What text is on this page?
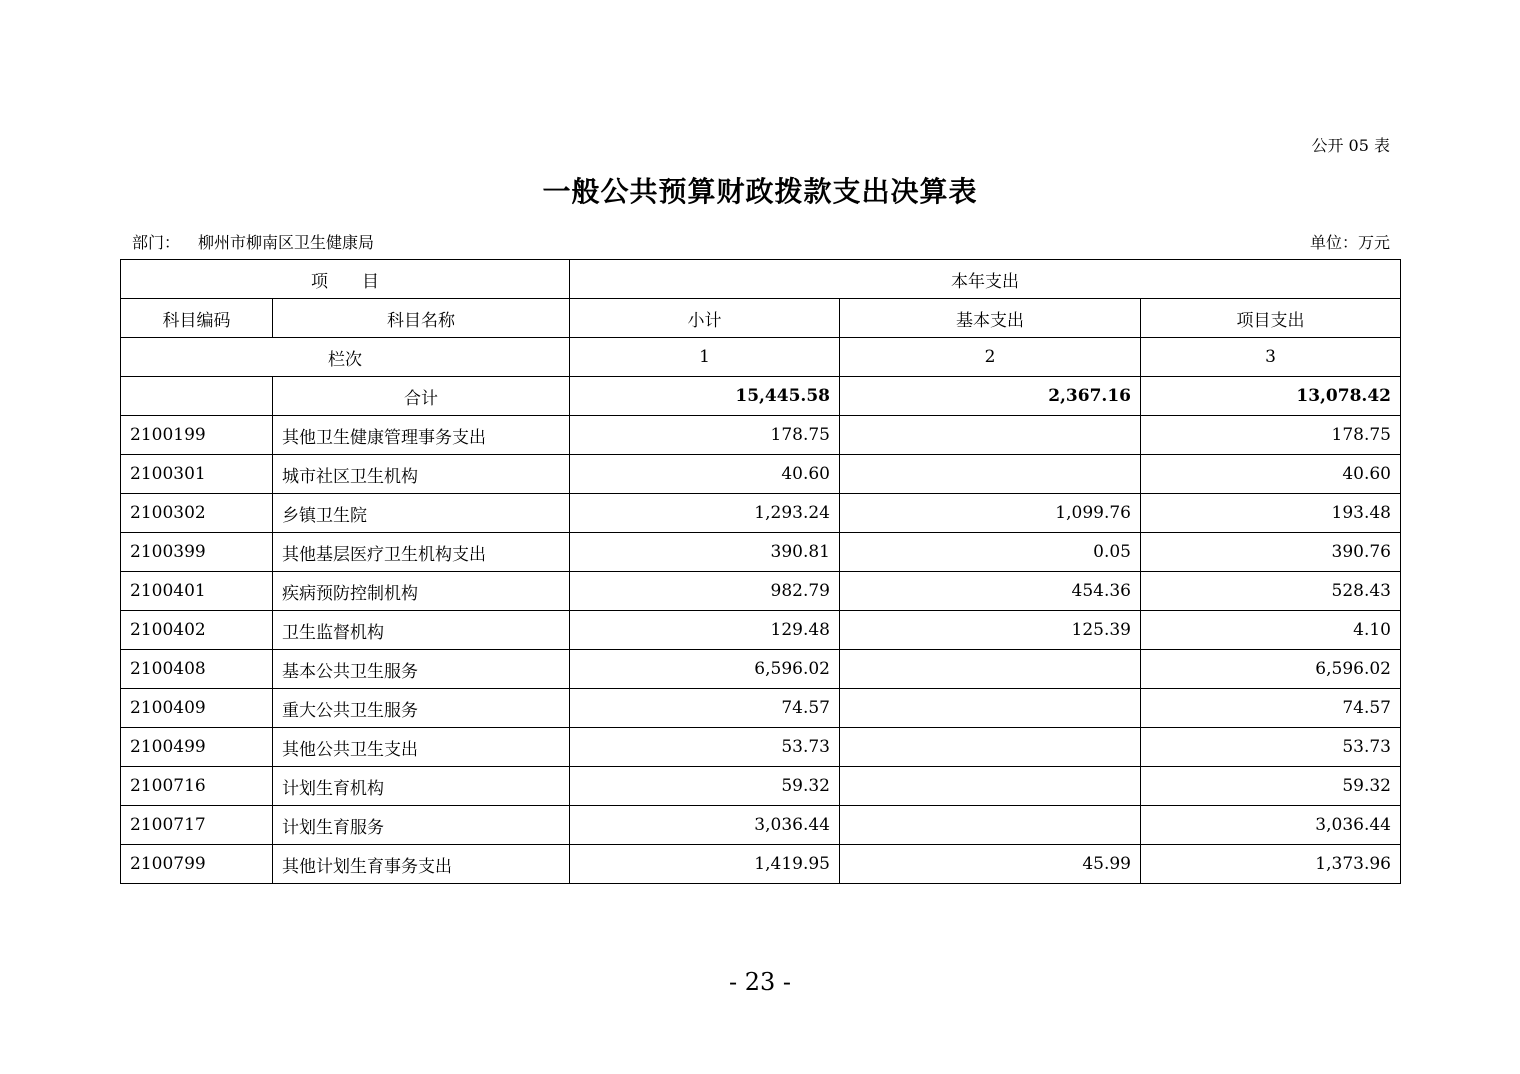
公开 05 表
一般公共预算财政拨款支出决算表
部门： 柳州市柳南区卫生健康局	单位：万元
项　　目		本年支出		
科目编码	科目名称	小计	基本支出	项目支出
栏次		1	2	3
	合计	15,445.58	2,367.16	13,078.42
2100199	其他卫生健康管理事务支出	178.75		178.75
2100301	城市社区卫生机构	40.60		40.60
2100302	乡镇卫生院	1,293.24	1,099.76	193.48
2100399	其他基层医疗卫生机构支出	390.81	0.05	390.76
2100401	疾病预防控制机构	982.79	454.36	528.43
2100402	卫生监督机构	129.48	125.39	4.10
2100408	基本公共卫生服务	6,596.02		6,596.02
2100409	重大公共卫生服务	74.57		74.57
2100499	其他公共卫生支出	53.73		53.73
2100716	计划生育机构	59.32		59.32
2100717	计划生育服务	3,036.44		3,036.44
2100799	其他计划生育事务支出	1,419.95	45.99	1,373.96
- 23 -
